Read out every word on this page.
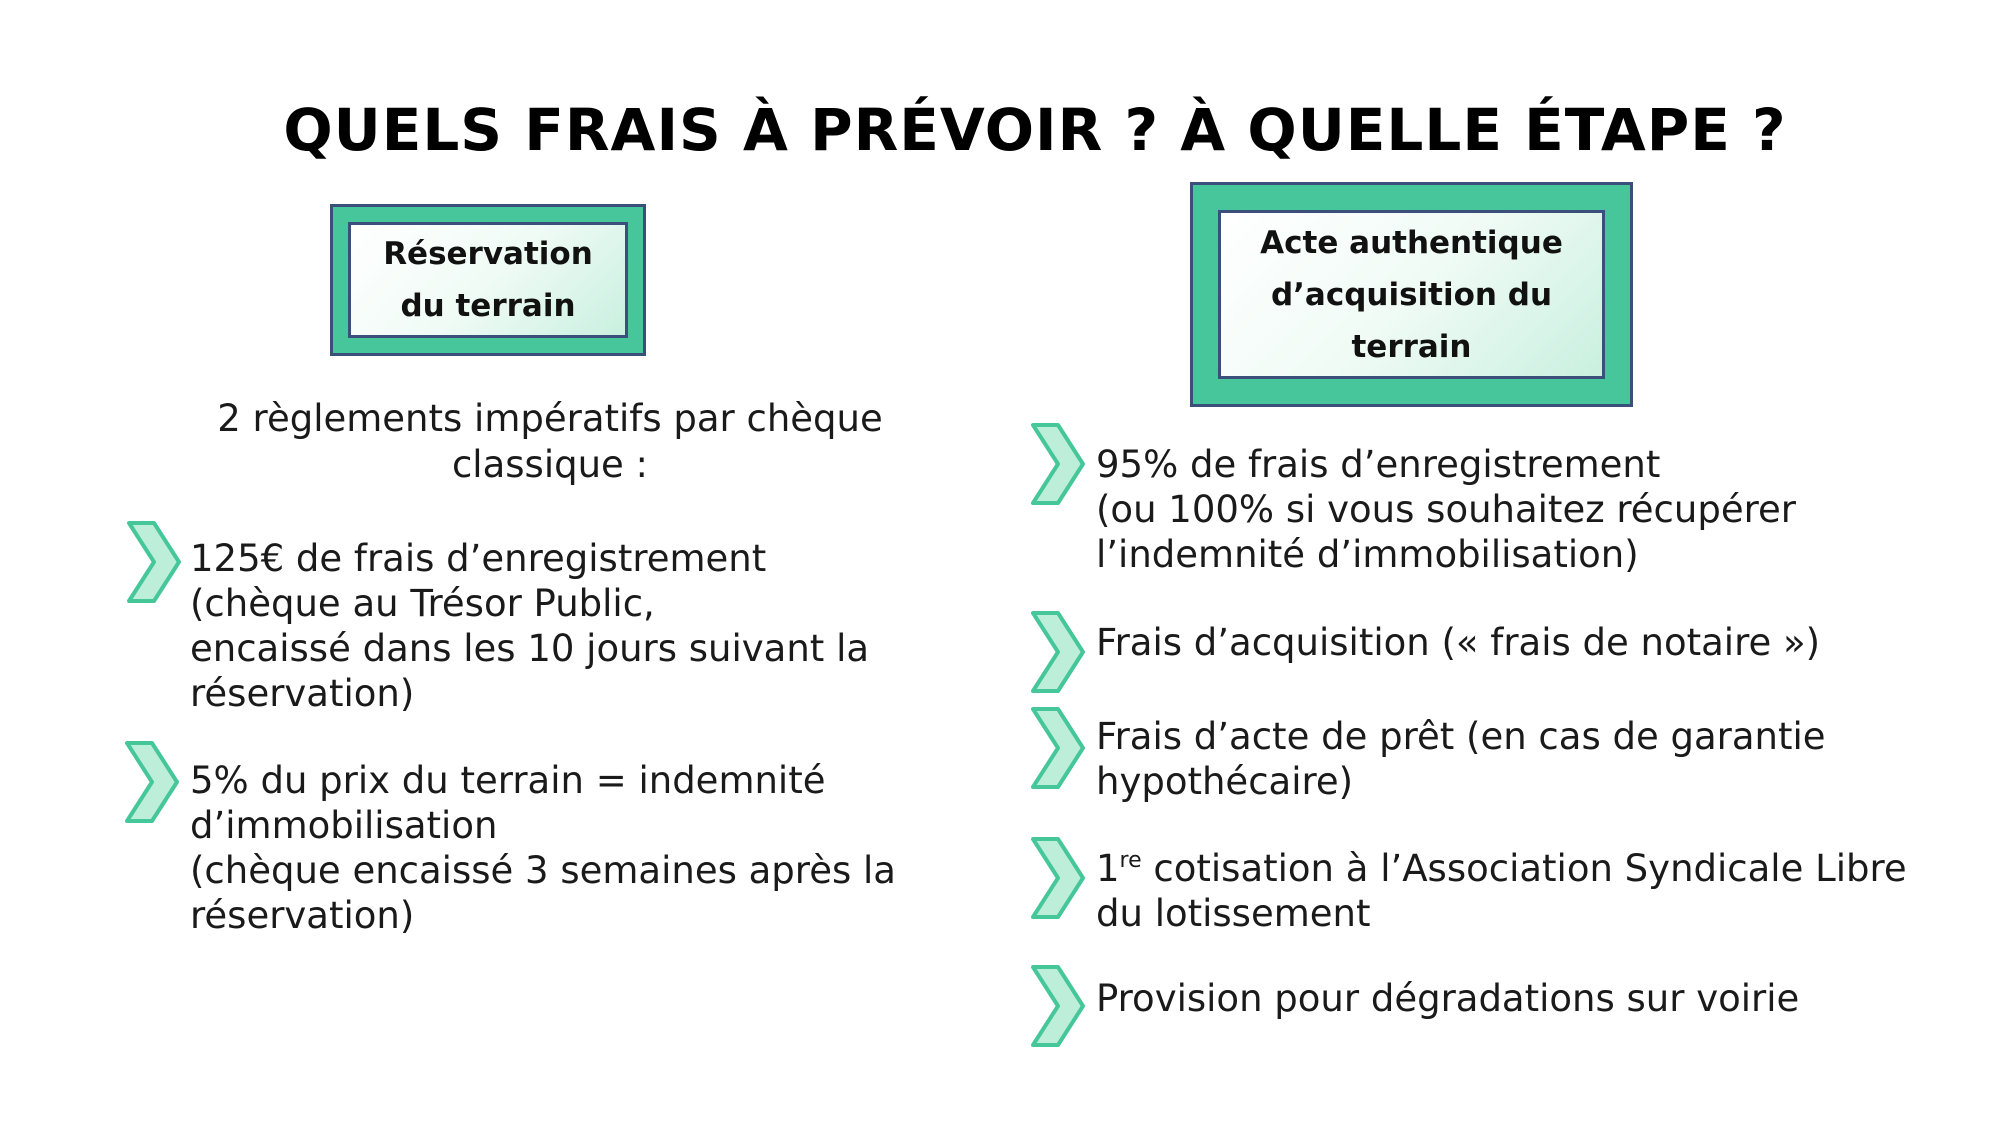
QUELS FRAIS À PRÉVOIR ? À QUELLE ÉTAPE ?
Réservation
du terrain
Acte authentique
d’acquisition du
terrain
2 règlements impératifs par chèque classique :
125€ de frais d’enregistrement
(chèque au Trésor Public,
encaissé dans les 10 jours suivant la
réservation)
5% du prix du terrain = indemnité
d’immobilisation
(chèque encaissé 3 semaines après la
réservation)
95% de frais d’enregistrement
(ou 100% si vous souhaitez récupérer
l’indemnité d’immobilisation)
Frais d’acquisition (« frais de notaire »)
Frais d’acte de prêt (en cas de garantie
hypothécaire)
1re cotisation à l’Association Syndicale Libre
du lotissement
Provision pour dégradations sur voirie
